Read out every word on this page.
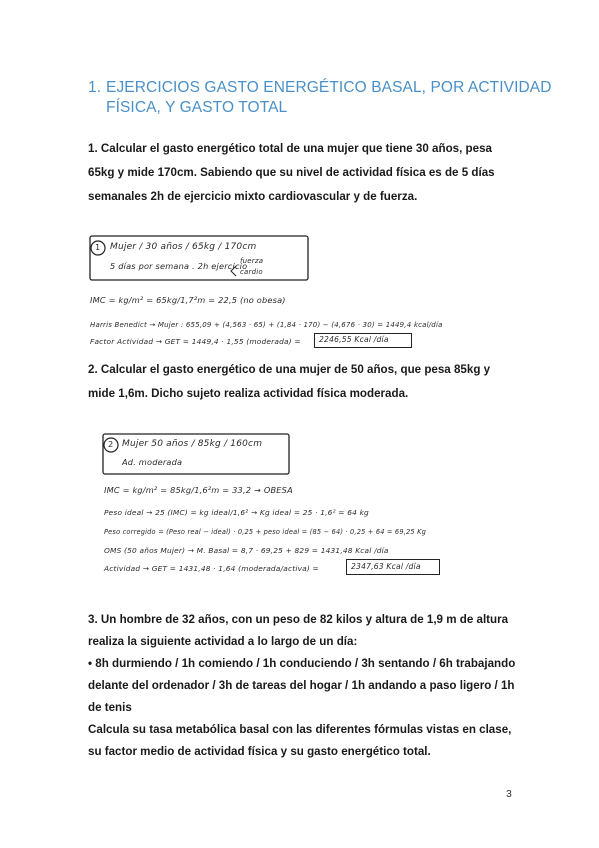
1. EJERCICIOS GASTO ENERGÉTICO BASAL, POR ACTIVIDAD FÍSICA, Y GASTO TOTAL

1. Calcular el gasto energético total de una mujer que tiene 30 años, pesa 65kg y mide 170cm. Sabiendo que su nivel de actividad física es de 5 días semanales 2h de ejercicio mixto cardiovascular y de fuerza.

1 Mujer / 30 años / 65kg / 170cm
5 días por semana . 2h ejercicio
fuerza
cardio
IMC = kg/m² = 65kg/1,7²m = 22,5 (no obesa)
Harris Benedict → Mujer : 655,09 + (4,563 · 65) + (1,84 · 170) − (4,676 · 30) = 1449,4 kcal/día
Factor Actividad → GET = 1449,4 · 1,55 (moderada) = 2246,55 Kcal /día

2. Calcular el gasto energético de una mujer de 50 años, que pesa 85kg y mide 1,6m. Dicho sujeto realiza actividad física moderada.

2 Mujer 50 años / 85kg / 160cm
Ad. moderada
IMC = kg/m² = 85kg/1,6²m = 33,2 → OBESA
Peso ideal → 25 (IMC) = kg ideal/1,6² → Kg ideal = 25 · 1,6² = 64 kg
Peso corregido = (Peso real − ideal) · 0,25 + peso ideal = (85 − 64) · 0,25 + 64 = 69,25 Kg
OMS (50 años Mujer) → M. Basal = 8,7 · 69,25 + 829 = 1431,48 Kcal /día
Actividad → GET = 1431,48 · 1,64 (moderada/activa) =	2347,63 Kcal /día
3. Un hombre de 32 años, con un peso de 82 kilos y altura de 1,9 m de altura realiza la siguiente actividad a lo largo de un día:
• 8h durmiendo / 1h comiendo / 1h conduciendo / 3h sentando / 6h trabajando delante del ordenador / 3h de tareas del hogar / 1h andando a paso ligero / 1h de tenis
Calcula su tasa metabólica basal con las diferentes fórmulas vistas en clase, su factor medio de actividad física y su gasto energético total.
3
